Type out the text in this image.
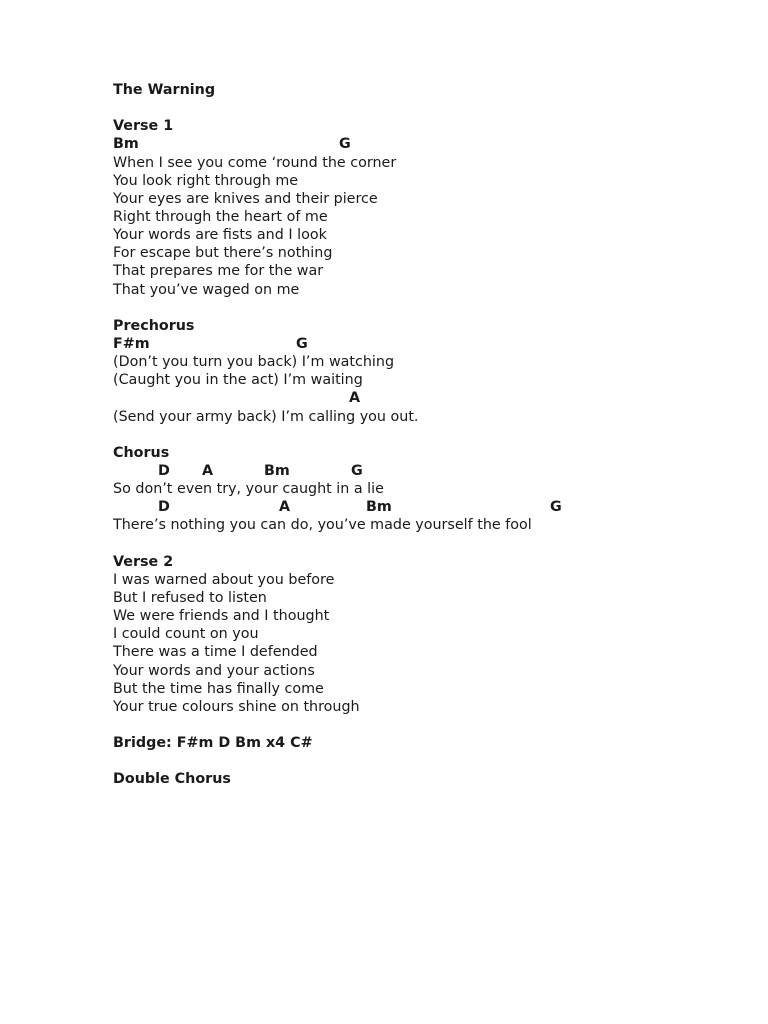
The Warning
Verse 1
Bm	G
When I see you come ‘round the corner
You look right through me
Your eyes are knives and their pierce
Right through the heart of me
Your words are fists and I look
For escape but there’s nothing
That prepares me for the war
That you’ve waged on me
Prechorus
F#m	G
(Don’t you turn you back) I’m watching
(Caught you in the act) I’m waiting
A
(Send your army back) I’m calling you out.
Chorus
D A	Bm	G
So don’t even try, your caught in a lie
D	A	Bm	G
There’s nothing you can do, you’ve made yourself the fool
Verse 2
I was warned about you before
But I refused to listen
We were friends and I thought
I could count on you
There was a time I defended
Your words and your actions
But the time has finally come
Your true colours shine on through
Bridge: F#m D Bm x4 C#
Double Chorus
